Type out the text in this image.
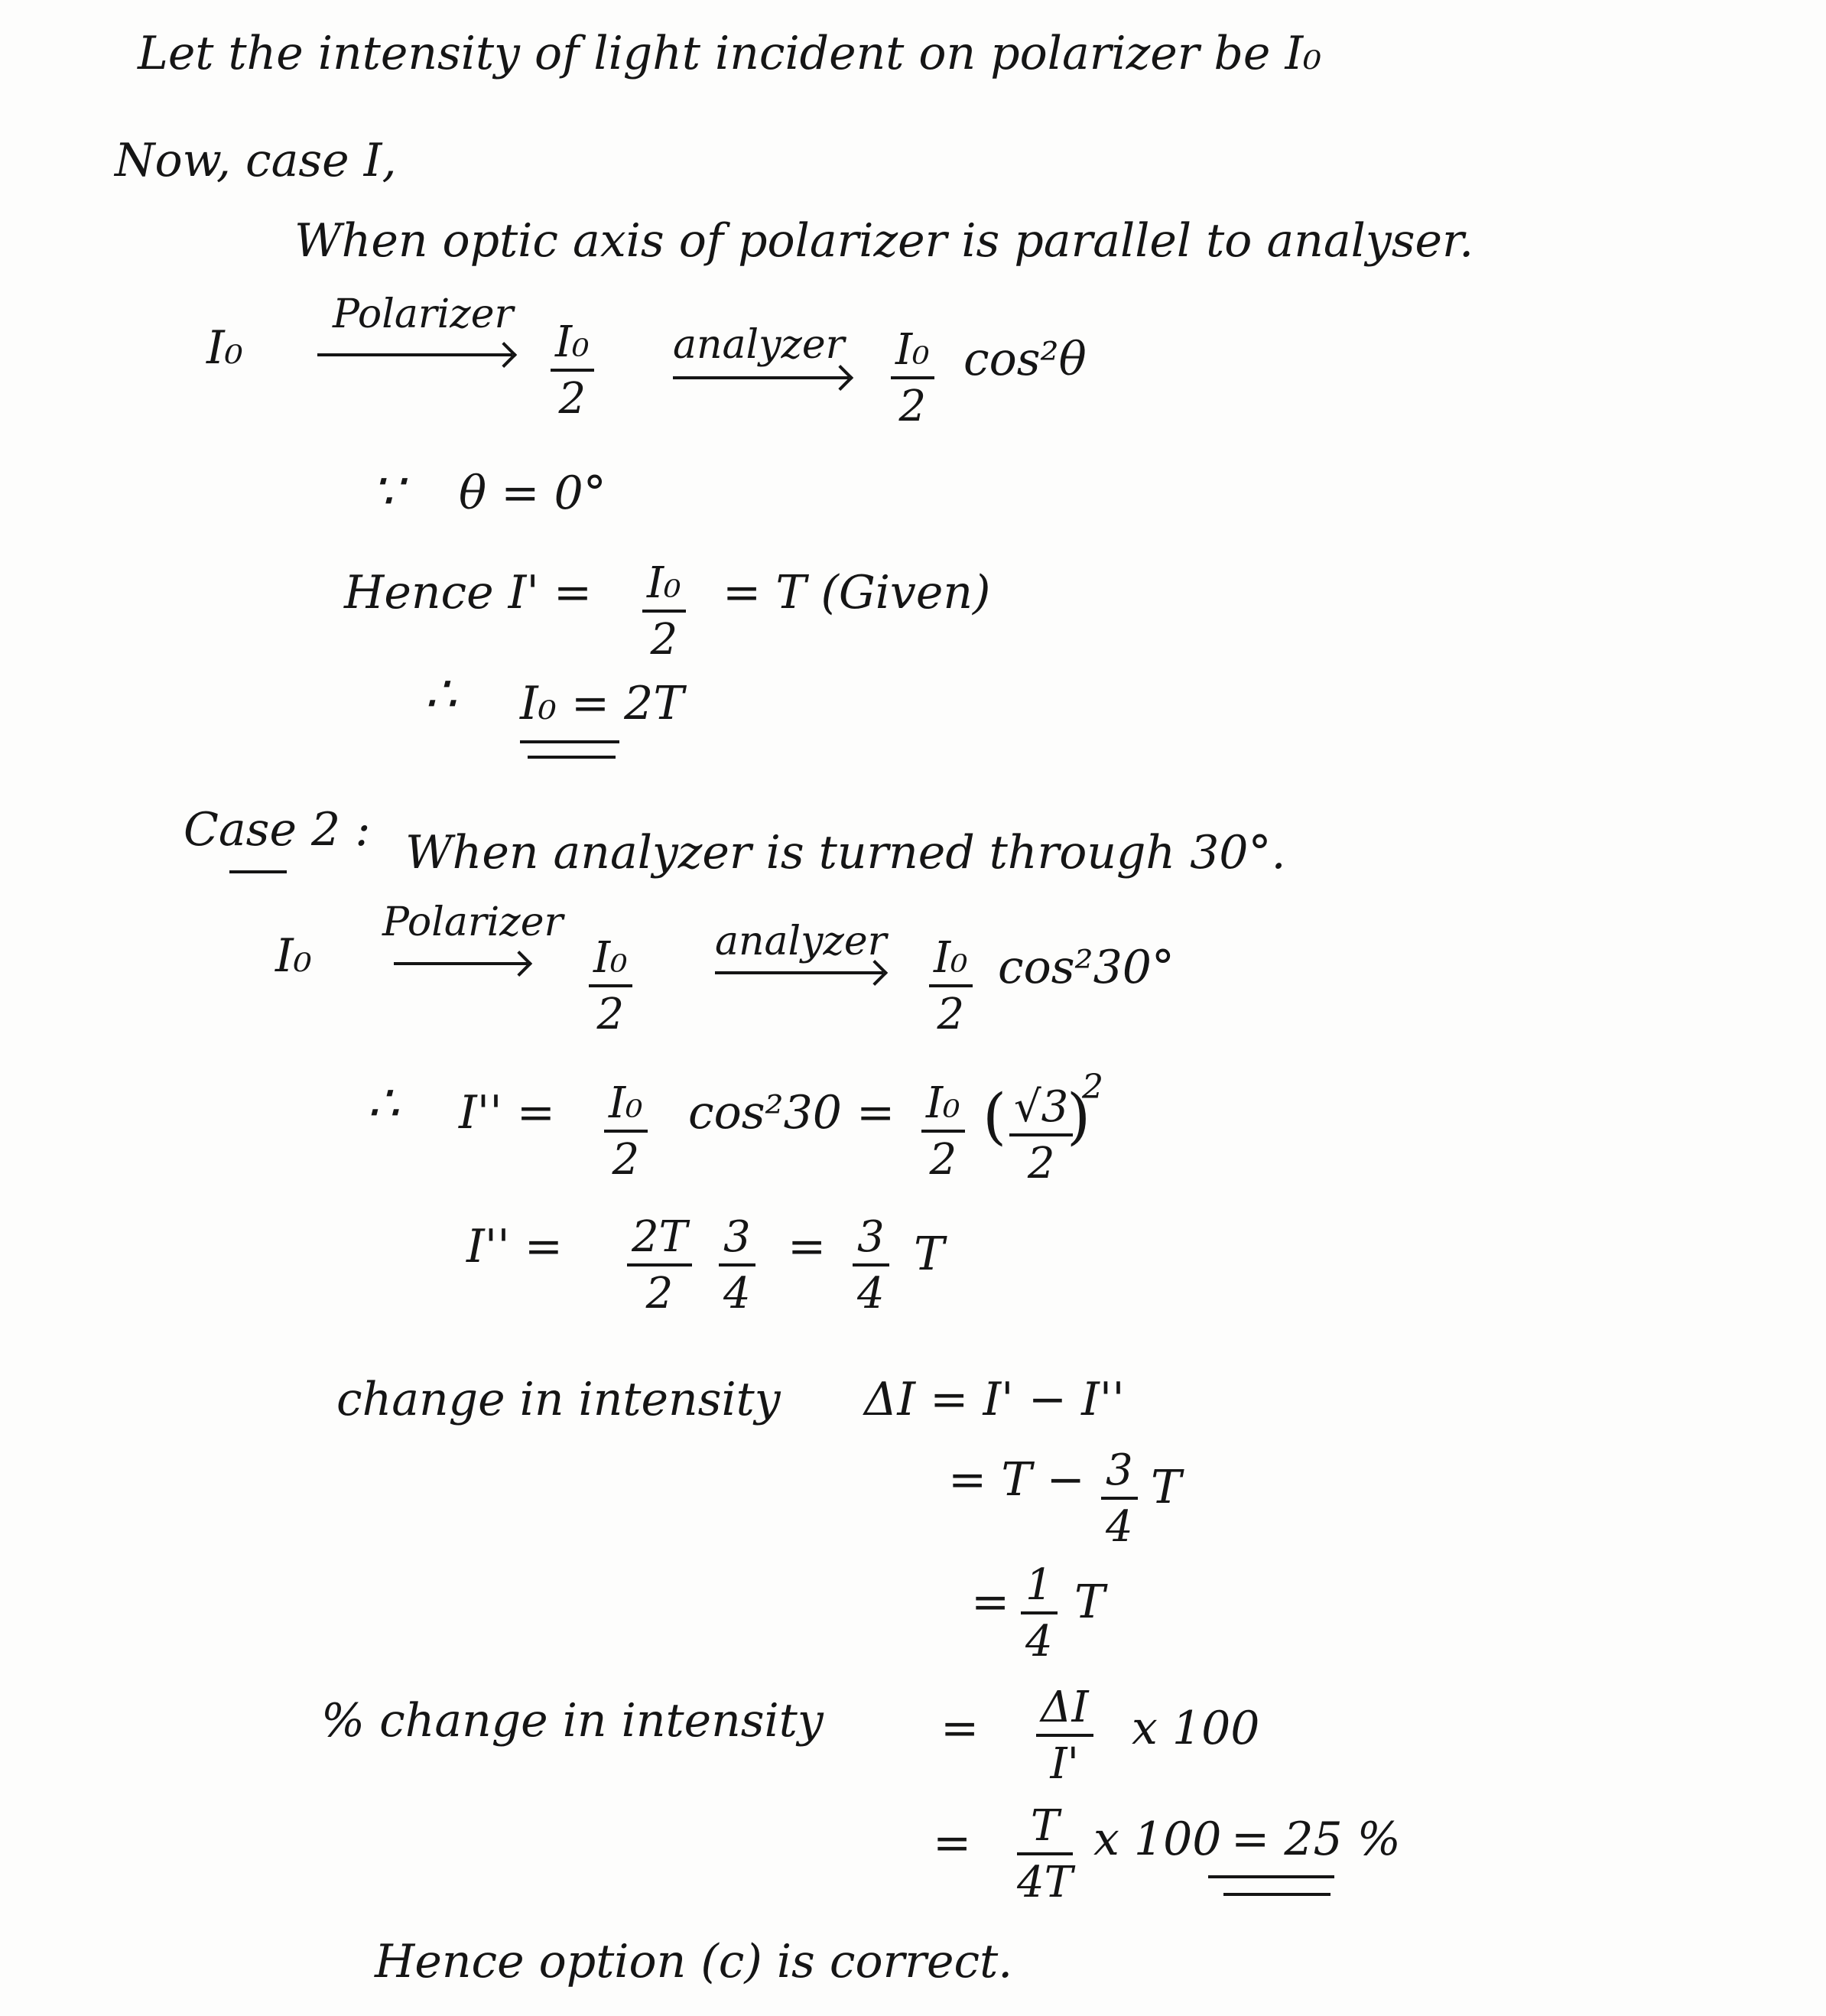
Let the intensity of light incident on polarizer be I₀
Now, case I,
When optic axis of polarizer is parallel to analyser.
I₀
Polarizer
I₀
2
analyzer I₀
2
cos²θ
∵ θ = 0°
Hence I' = I₀
2
= T (Given)
∴ I₀ = 2T
Case 2 : When analyzer is turned through 30°.
I₀
Polarizer
I₀
2
analyzer I₀
2
cos²30°
∴ I'' = I₀
2
cos²30 = I₀
2
( √3
2
)
2
I'' = 2T
2
3
4
= 3
4
T
change in intensity ΔI = I' − I''
= T − 3
4
T
= 1
4
T
% change in intensity	= ΔI
I'
x 100
= T
4T
x 100 = 25 %
Hence option (c) is correct.
